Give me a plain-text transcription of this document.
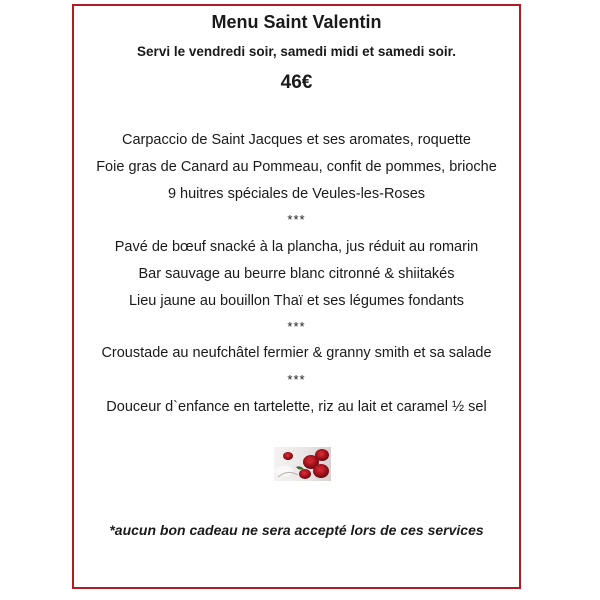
Menu Saint Valentin
Servi le vendredi soir, samedi midi et samedi soir.
46€
Carpaccio de Saint Jacques et ses aromates, roquette
Foie gras de Canard au Pommeau, confit de pommes, brioche
9 huitres spéciales de Veules-les-Roses
***
Pavé de bœuf snacké à la plancha, jus réduit au romarin
Bar sauvage au beurre blanc citronné & shiitakés
Lieu jaune au bouillon Thaï et ses légumes fondants
***
Croustade au neufchâtel fermier & granny smith et sa salade
***
Douceur d`enfance en tartelette, riz au lait et caramel ½ sel
*aucun bon cadeau ne sera accepté lors de ces services
